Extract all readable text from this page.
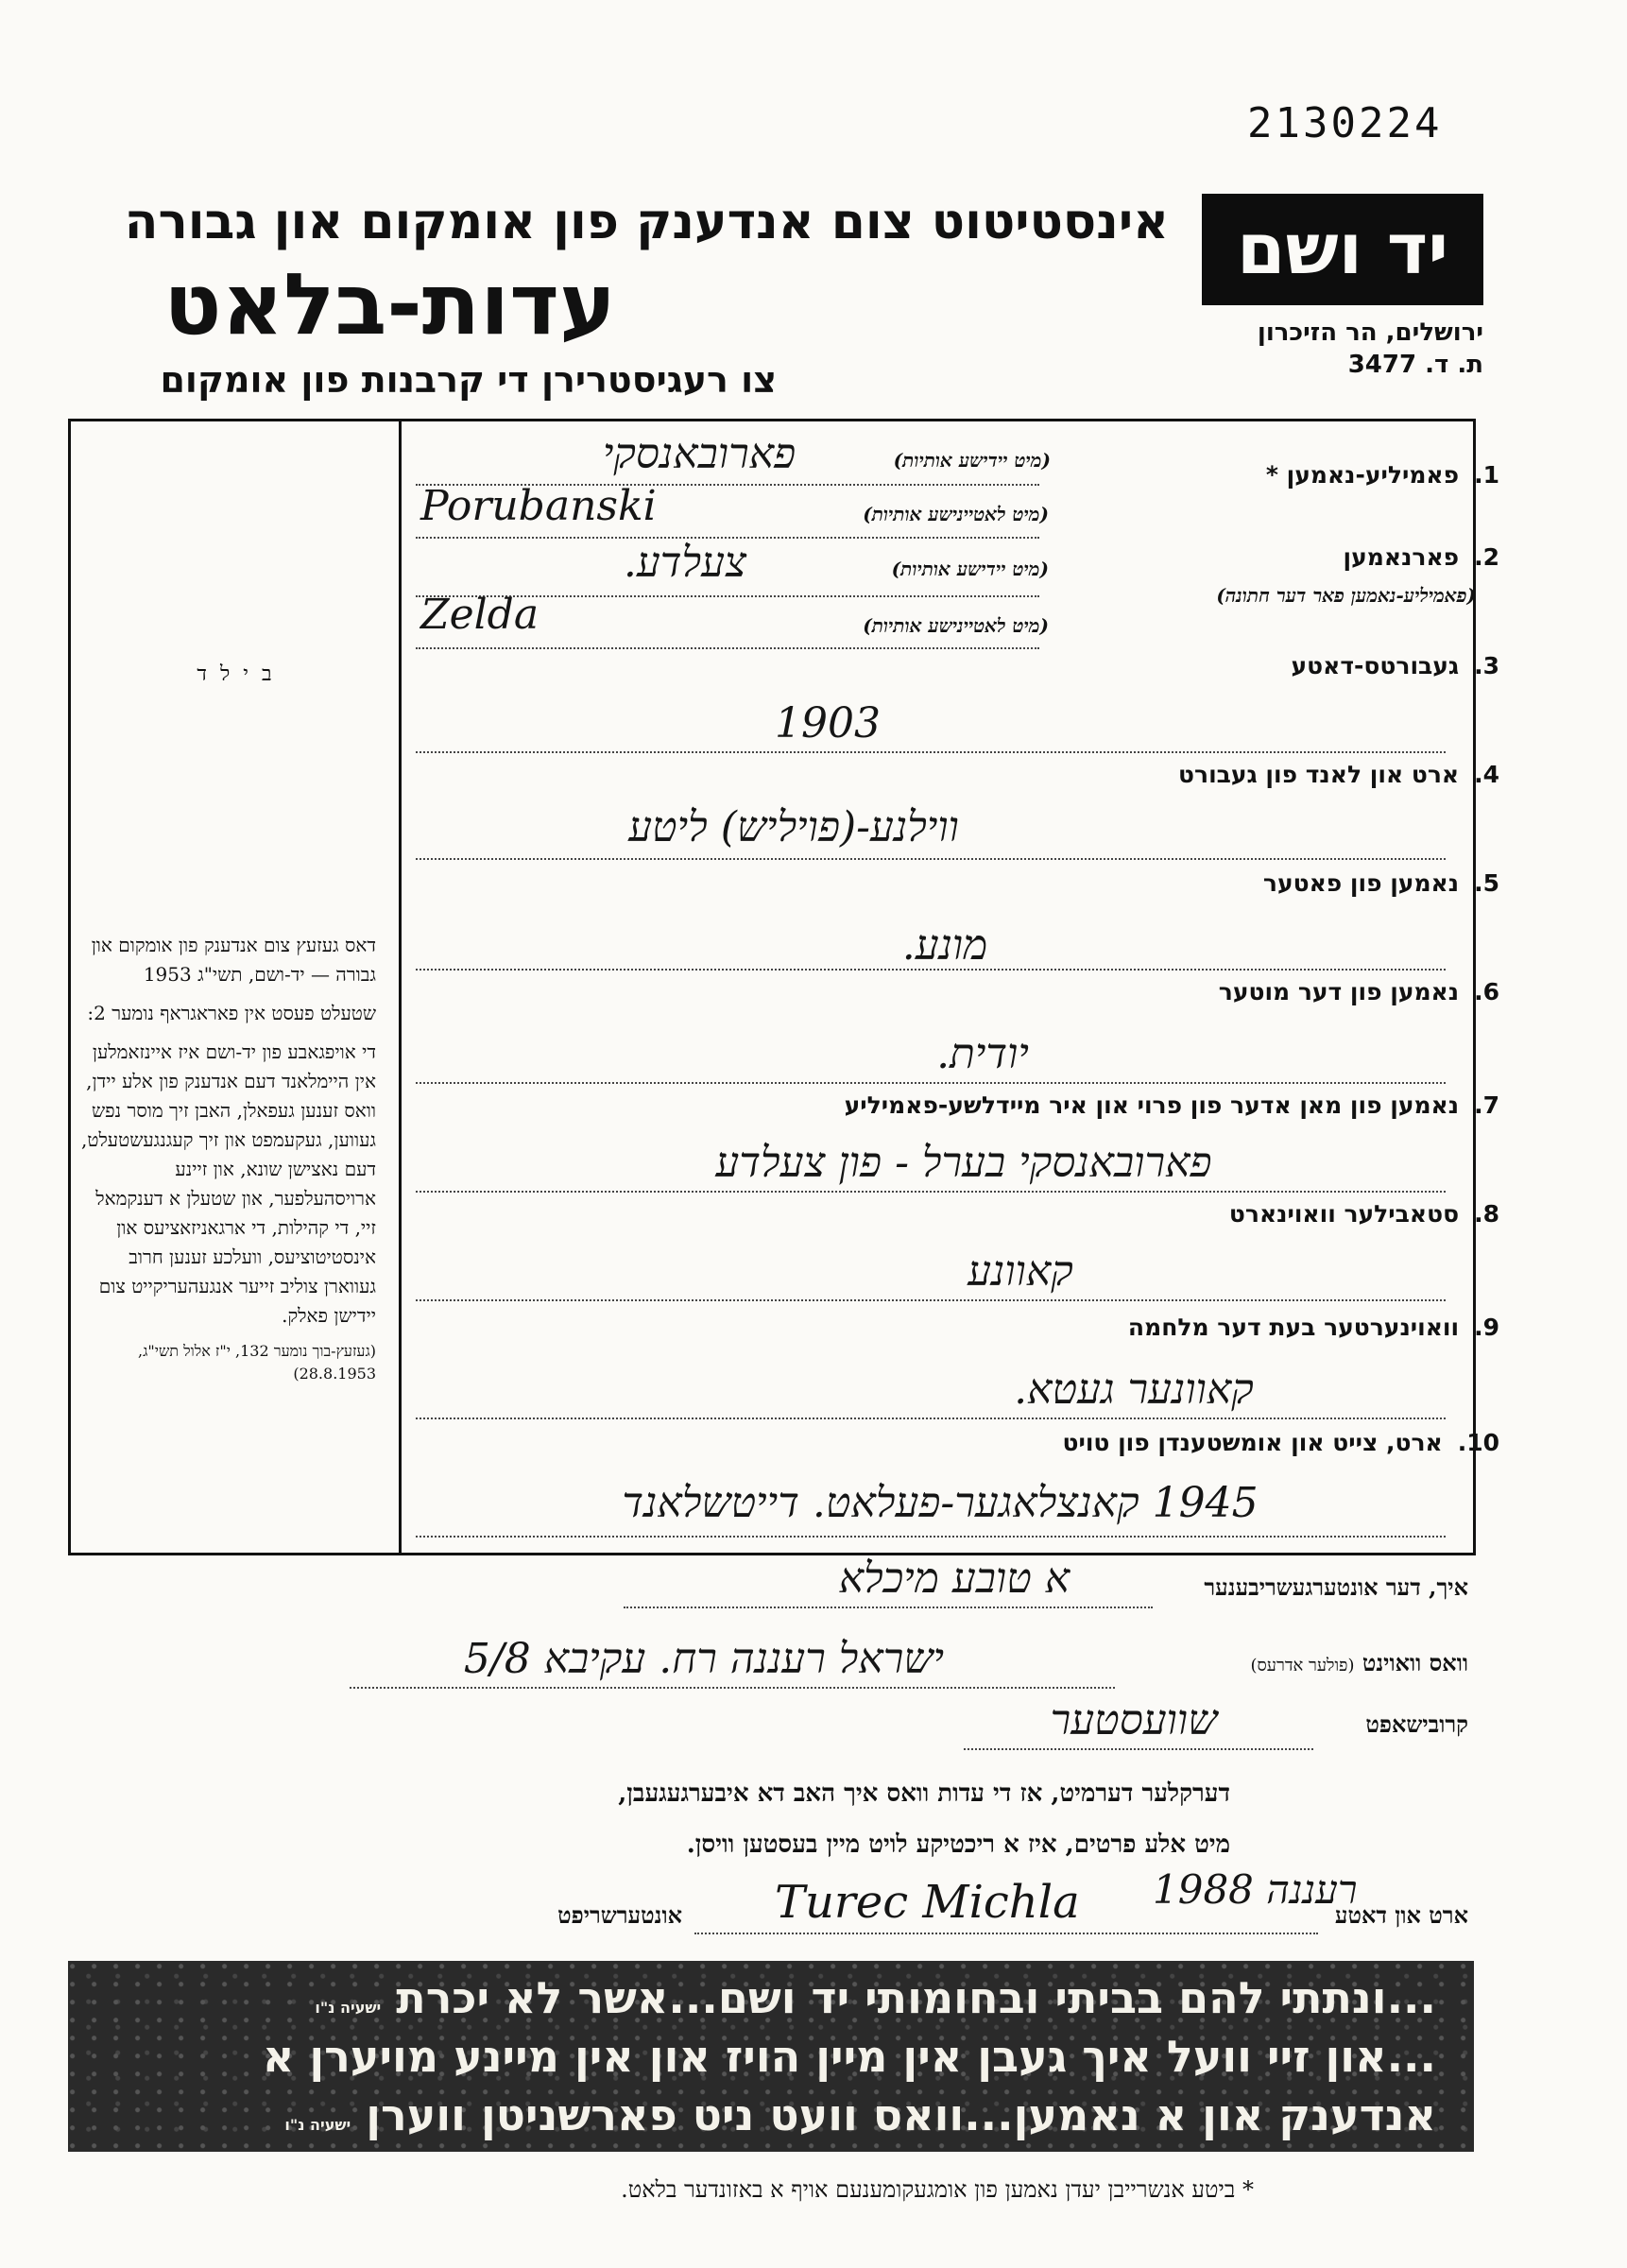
2130224
יד ושם
ירושלים, הר הזיכרון
ת. ד. 3477
אינסטיטוט צום אנדענק פון אומקום און גבורה
עדות-בלאט
צו רעגיסטרירן די קרבנות פון אומקום
בילד

דאס געזעץ צום אנדענק פון אומקום און גבורה — יד-ושם, תשי"ג 1953

שטעלט פעסט אין פאראגראף נומער 2:

די אויפגאבע פון יד-ושם איז איינזאמלען אין היימלאנד דעם אנדענק פון אלע יידן, וואס זענען געפאלן, האבן זיך מוסר נפש געווען, געקעמפט און זיך קעגנגעשטעלט, דעם נאצישן שונא, און זיינע ארויסהעלפער, און שטעלן א דענקמאל זיי, די קהילות, די ארגאניזאציעס און אינסטיטוציעס, וועלכע זענען חרוב געווארן צוליב זייער אנגעהעריקייט צום יידישן פאלק.

(געזעץ-בוך נומער 132, י"ז אלול תשי"ג, 28.8.1953)

1.פאמיליע-נאמען *
(מיט יידישע אותיות)
פארובאנסקי
(מיט לאטיינישע אותיות)
Porubanski
2.פארנאמען
(פאמיליע-נאמען פאר דער חתונה)
(מיט יידישע אותיות)
צעלדע.
(מיט לאטיינישע אותיות)
Zelda
3.געבורטס-דאטע
1903
4.ארט און לאנד פון געבורט
ווילנע-(פויליש) ליטע
5.נאמען פון פאטער
מונע.
6.נאמען פון דער מוטער
יודית.
7.נאמען פון מאן אדער פון פרוי און איר מיידלשע-פאמיליע
פארובאנסקי בערל - פון צעלדע
8.סטאבילער וואוינארט
קאוונע
9.וואוינערטער בעת דער מלחמה
קאוונער געטא.
10.ארט, צייט און אומשטענדן פון טויט
1945 קאנצלאגער-פעלאט. דייטשלאנד
איך, דער אונטערגעשריבענער
א טובע מיכלא
וואס וואוינט (פולער אדרעס)
ישראל רעננה רח. עקיבא 5/8
קרובישאפט
שוועסטער
דערקלער דערמיט, אז די עדות וואס איך האב דא איבערגעגעבן,
מיט אלע פרטים, איז א ריכטיקע לויט מיין בעסטען וויסן.
ארט און דאטע
רעננה 1988
אונטערשריפט Turec Michla
...ונתתי להם בביתי ובחומותי יד ושם...אשר לא יכרת ישעיה נ"ו
...און זיי וועל איך געבן אין מיין הויז און אין מיינע מויערן א
אנדענק און א נאמען...וואס וועט ניט פארשניטן ווערן ישעיה נ"ו
* ביטע אנשרייבן יעדן נאמען פון אומגעקומענעם אויף א באזונדער בלאט.
